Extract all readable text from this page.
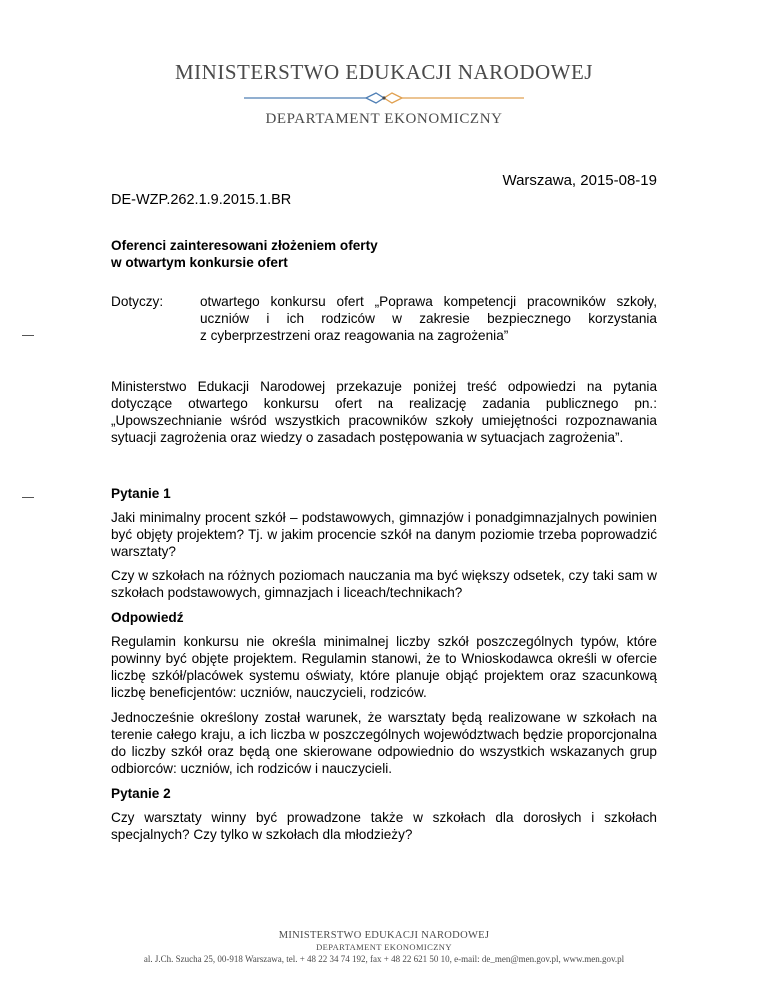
MINISTERSTWO EDUKACJI NARODOWEJ
DEPARTAMENT EKONOMICZNY
Warszawa, 2015-08-19
DE-WZP.262.1.9.2015.1.BR

Oferenci zainteresowani złożeniem oferty

w otwartym konkursie ofert

Dotyczy:	otwartego konkursu ofert „Poprawa kompetencji pracowników szkoły,

uczniów i ich rodziców w zakresie bezpiecznego korzystania

z cyberprzestrzeni oraz reagowania na zagrożenia”

Ministerstwo Edukacji Narodowej przekazuje poniżej treść odpowiedzi na pytania dotyczące otwartego konkursu ofert na realizację zadania publicznego pn.: „Upowszechnianie wśród wszystkich pracowników szkoły umiejętności rozpoznawania sytuacji zagrożenia oraz wiedzy o zasadach postępowania w sytuacjach zagrożenia”.
Pytanie 1
Jaki minimalny procent szkół – podstawowych, gimnazjów i ponadgimnazjalnych powinien być objęty projektem? Tj. w jakim procencie szkół na danym poziomie trzeba poprowadzić warsztaty?
Czy w szkołach na różnych poziomach nauczania ma być większy odsetek, czy taki sam w szkołach podstawowych, gimnazjach i liceach/technikach?
Odpowiedź
Regulamin konkursu nie określa minimalnej liczby szkół poszczególnych typów, które powinny być objęte projektem. Regulamin stanowi, że to Wnioskodawca określi w ofercie liczbę szkół/placówek systemu oświaty, które planuje objąć projektem oraz szacunkową liczbę beneficjentów: uczniów, nauczycieli, rodziców.
Jednocześnie określony został warunek, że warsztaty będą realizowane w szkołach na terenie całego kraju, a ich liczba w poszczególnych województwach będzie proporcjonalna do liczby szkół oraz będą one skierowane odpowiednio do wszystkich wskazanych grup odbiorców: uczniów, ich rodziców i nauczycieli.
Pytanie 2
Czy warsztaty winny być prowadzone także w szkołach dla dorosłych i szkołach specjalnych? Czy tylko w szkołach dla młodzieży?
MINISTERSTWO EDUKACJI NARODOWEJ
DEPARTAMENT EKONOMICZNY
al. J.Ch. Szucha 25, 00-918 Warszawa, tel. + 48 22 34 74 192, fax + 48 22 621 50 10, e-mail: de_men@men.gov.pl, www.men.gov.pl
